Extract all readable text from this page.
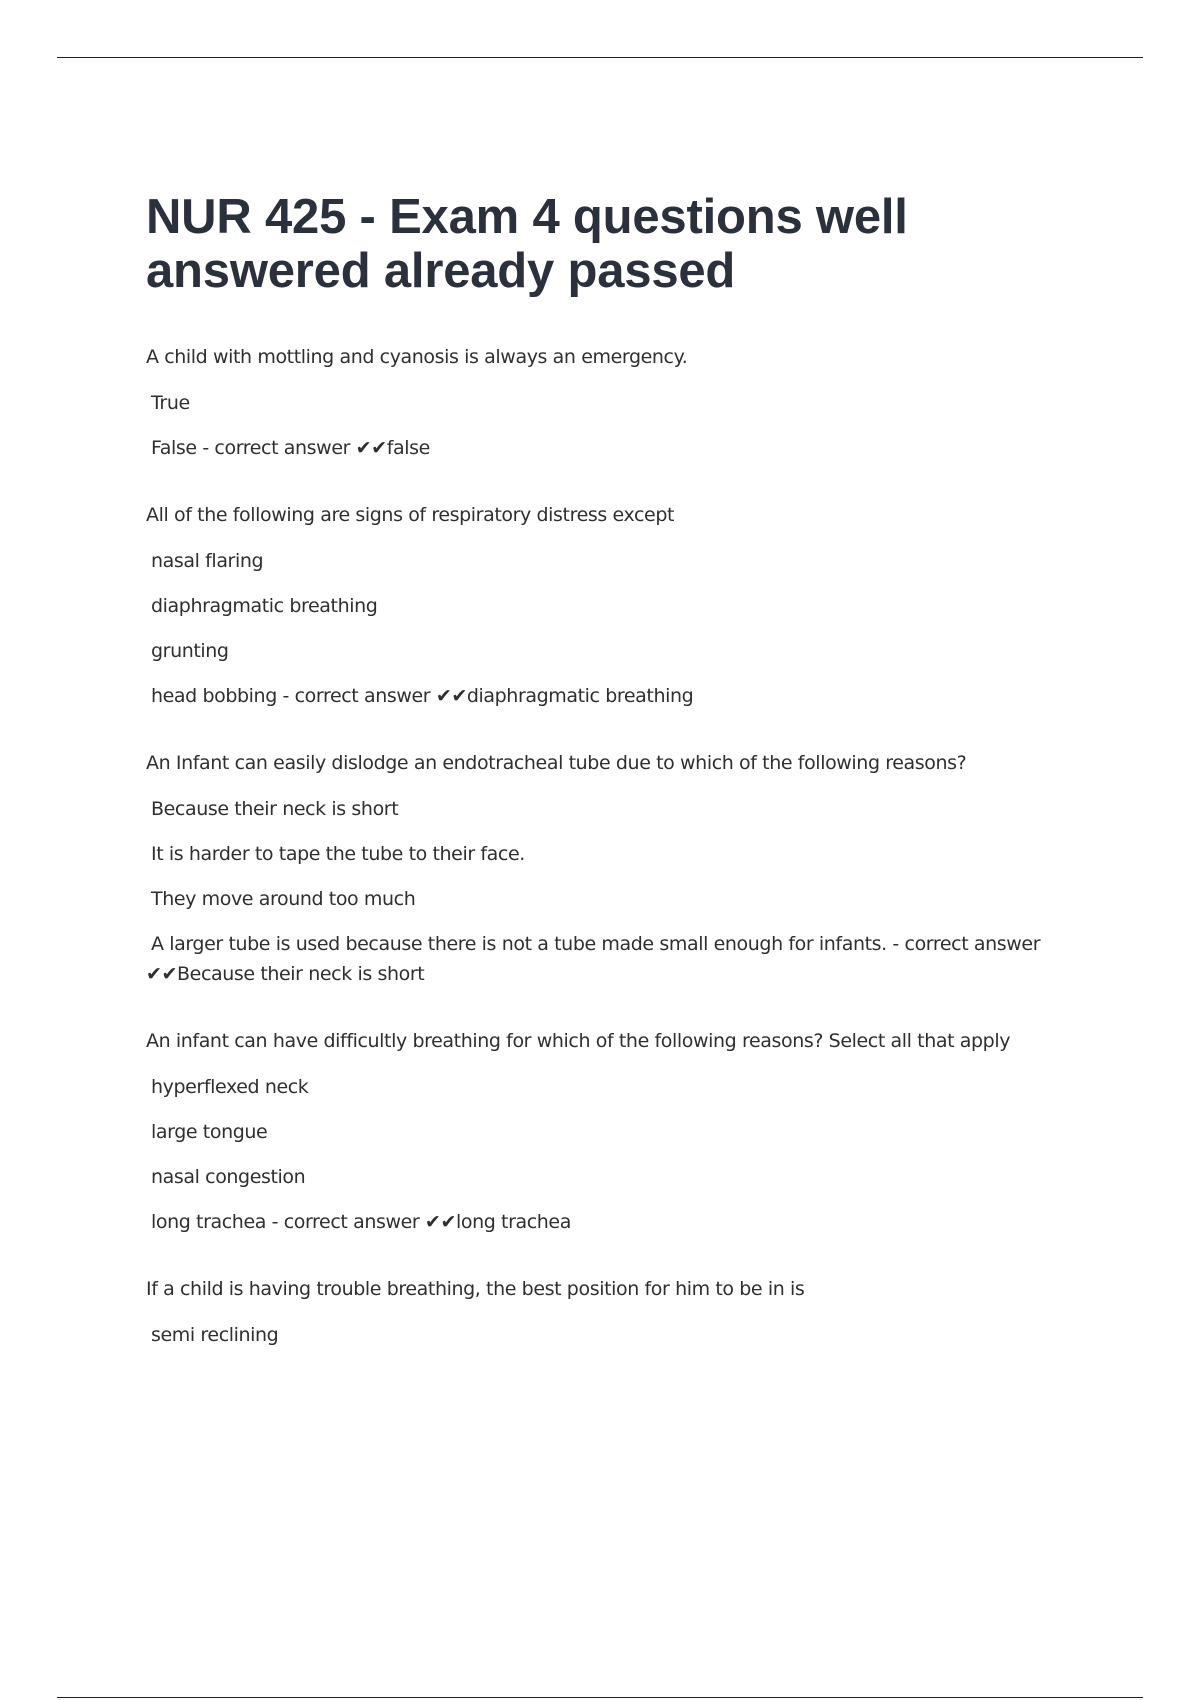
NUR 425 - Exam 4 questions well answered already passed

A child with mottling and cyanosis is always an emergency.

True

False - correct answer ✔✔false

All of the following are signs of respiratory distress except

nasal flaring

diaphragmatic breathing

grunting

head bobbing - correct answer ✔✔diaphragmatic breathing

An Infant can easily dislodge an endotracheal tube due to which of the following reasons?

Because their neck is short

It is harder to tape the tube to their face.

They move around too much

A larger tube is used because there is not a tube made small enough for infants. - correct answer ✔✔Because their neck is short

An infant can have difficultly breathing for which of the following reasons? Select all that apply

hyperflexed neck

large tongue

nasal congestion

long trachea - correct answer ✔✔long trachea

If a child is having trouble breathing, the best position for him to be in is

semi reclining
